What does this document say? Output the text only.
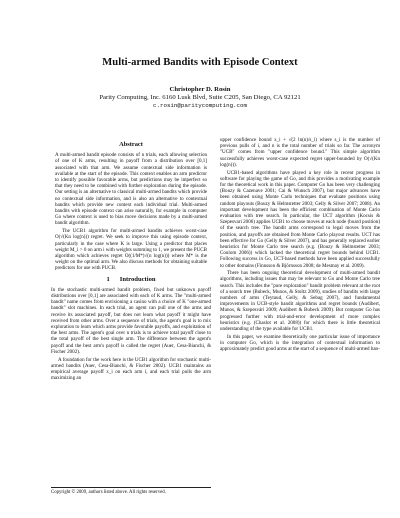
Multi-armed Bandits with Episode Context
Christopher D. Rosin
Parity Computing, Inc. 6160 Lusk Blvd, Suite C205, San Diego, CA 92121
c.rosin@paritycomputing.com
Abstract

A multi-armed bandit episode consists of n trials, each allowing selection of one of K arms, resulting in payoff from a distribution over [0,1] associated with that arm. We assume contextual side information is available at the start of the episode. This context enables an arm predictor to identify possible favorable arms, but predictions may be imperfect so that they need to be combined with further exploration during the episode. Our setting is an alternative to classical multi-armed bandits which provide no contextual side information, and is also an alternative to contextual bandits which provide new context each individual trial. Multi-armed bandits with episode context can arise naturally, for example in computer Go where context is used to bias move decisions made by a multi-armed bandit algorithm.

The UCB1 algorithm for multi-armed bandits achieves worst-case O(√(Kn log(n))) regret. We seek to improve this using episode context, particularly in the case where K is large. Using a predictor that places weight M_i > 0 on arm i with weights summing to 1, we present the PUCB algorithm which achieves regret O((1/M*)√(n log(n))) where M* is the weight on the optimal arm. We also discuss methods for obtaining suitable predictors for use with PUCB.

1 Introduction

In the stochastic multi-armed bandit problem, fixed but unknown payoff distributions over [0,1] are associated with each of K arms. The "multi-armed bandit" name comes from envisioning a casino with a choice of K "one-armed bandit" slot machines. In each trial, an agent can pull one of the arms and receive its associated payoff, but does not learn what payoff it might have received from other arms. Over a sequence of trials, the agent's goal is to mix exploration to learn which arms provide favorable payoffs, and exploitation of the best arms. The agent's goal over n trials is to achieve total payoff close to the total payoff of the best single arm. The difference between the agent's payoff and the best arm's payoff is called the regret (Auer, Cesa-Bianchi, & Fischer 2002).

A foundation for the work here is the UCB1 algorithm for stochastic multi-armed bandits (Auer, Cesa-Bianchi, & Fischer 2002). UCB1 maintains an empirical average payoff x_i on each arm i, and each trial pulls the arm maximizing an

upper confidence bound x_i + √(2 ln(n)/s_i) where s_i is the number of previous pulls of i, and n is the total number of trials so far. The acronym "UCB" comes from "upper confidence bound." This simple algorithm successfully achieves worst-case expected regret upper-bounded by O(√(Kn log(n))).

UCB1-based algorithms have played a key role in recent progress in software for playing the game of Go, and this provides a motivating example for the theoretical work in this paper. Computer Go has been very challenging (Bouzy & Cazenave 2001; Cai & Wunsch 2007), but major advances have been obtained using Monte Carlo techniques that evaluate positions using random playouts (Bouzy & Helmstetter 2003; Gelly & Silver 2007; 2008). An important development has been the efficient combination of Monte Carlo evaluation with tree search. In particular, the UCT algorithm (Kocsis & Szepesvari 2006) applies UCB1 to choose moves at each node (board position) of the search tree. The bandit arms correspond to legal moves from the position, and payoffs are obtained from Monte Carlo playout results. UCT has been effective for Go (Gelly & Silver 2007), and has generally replaced earlier heuristics for Monte Carlo tree search (e.g. (Bouzy & Helmstetter 2003; Coulom 2006)) which lacked the theoretical regret bounds behind UCB1. Following success in Go, UCT-based methods have been applied successfully to other domains (Finnsson & Björnsson 2008; de Mesmay et al. 2009).

There has been ongoing theoretical development of multi-armed bandit algorithms, including issues that may be relevant to Go and Monte Carlo tree search. This includes the "pure exploration" bandit problem relevant at the root of a search tree (Bubeck, Munos, & Stoltz 2009), studies of bandits with large numbers of arms (Teytaud, Gelly, & Sebag 2007), and fundamental improvements in UCB-style bandit algorithms and regret bounds (Audibert, Munos, & Szepesvári 2009; Audibert & Bubeck 2009). But computer Go has progressed further with trial-and-error development of more complex heuristics (e.g. (Chaslot et al. 2008)) for which there is little theoretical understanding of the type available for UCB1.

In this paper, we examine theoretically one particular issue of importance in computer Go, which is the integration of contextual information to approximately predict good arms at the start of a sequence of multi-armed ban-

Copyright © 2009, authors listed above. All rights reserved.
